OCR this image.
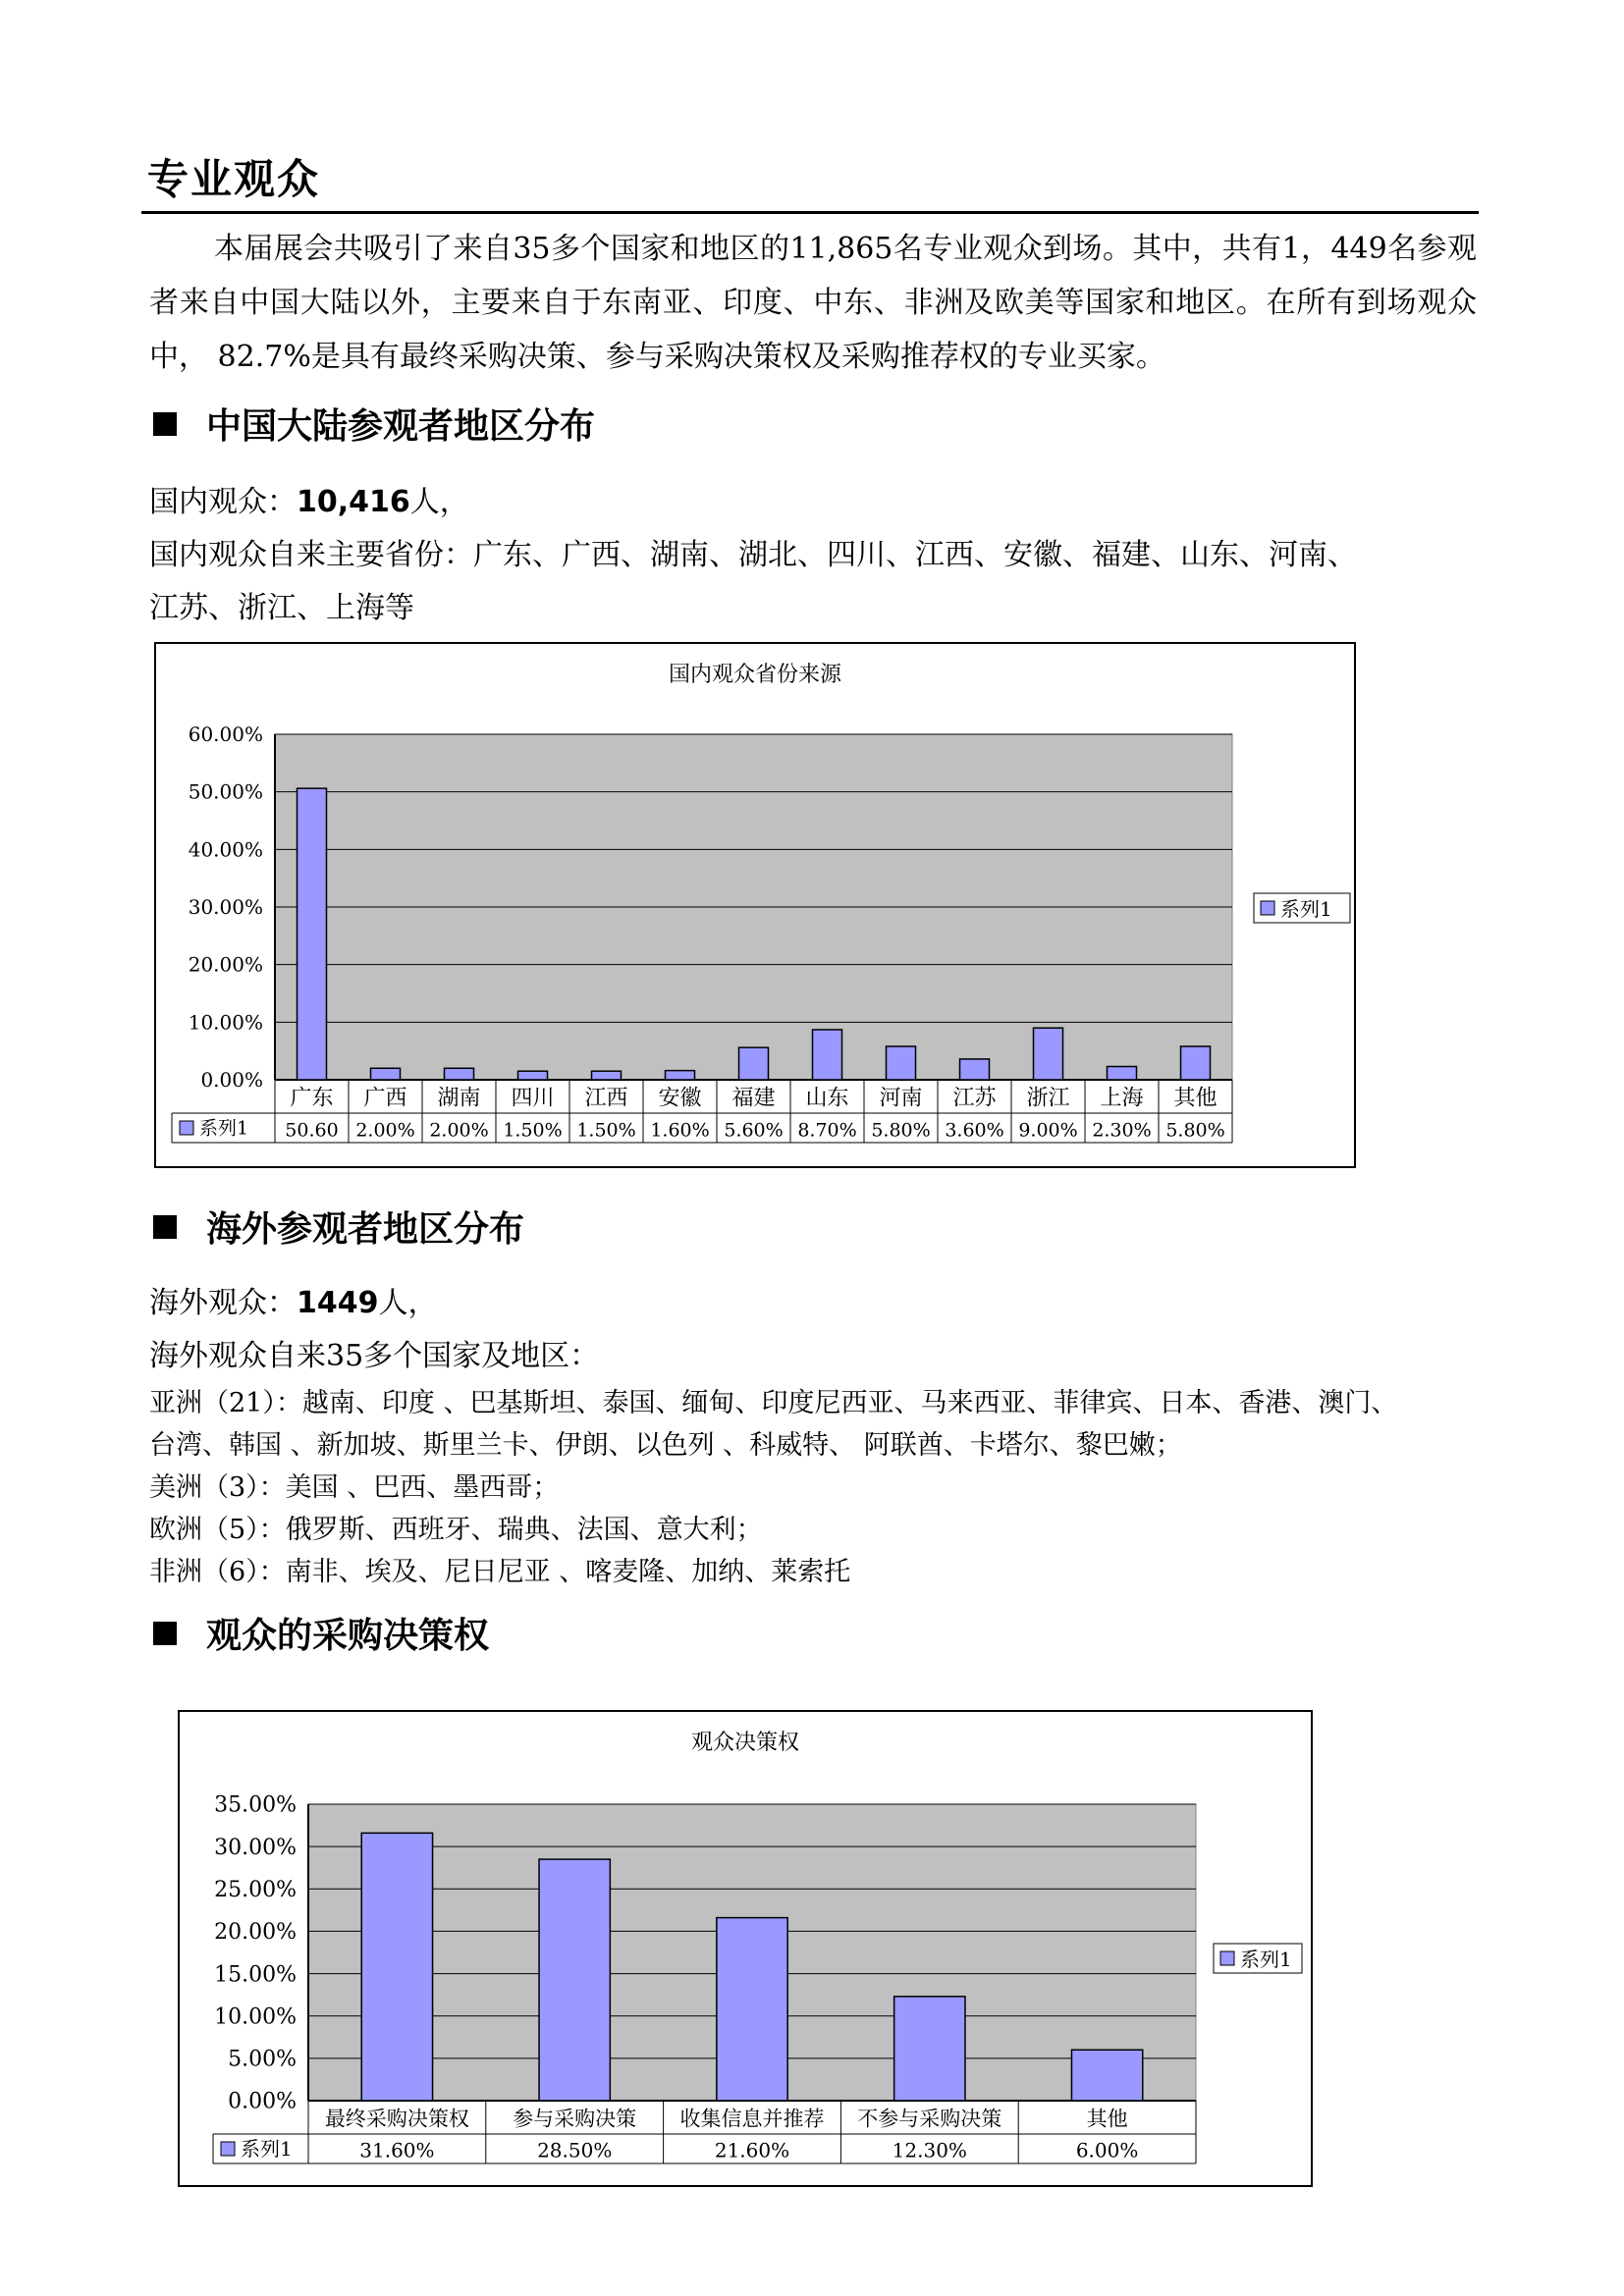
专业观众
本届展会共吸引了来自35多个国家和地区的11,865名专业观众到场。其中，共有1，449名参观者来自中国大陆以外，主要来自于东南亚、印度、中东、非洲及欧美等国家和地区。在所有到场观众中， 82.7%是具有最终采购决策、参与采购决策权及采购推荐权的专业买家。
中国大陆参观者地区分布
国内观众：10,416人，
国内观众自来主要省份：广东、广西、湖南、湖北、四川、江西、安徽、福建、山东、河南、
江苏、浙江、上海等
国内观众省份来源
0.00%
10.00%
20.00%
30.00%
40.00%
50.00%
60.00%
广东
50.60
广西
2.00%
湖南
2.00%
四川
1.50%
江西
1.50%
安徽
1.60%
福建
5.60%
山东
8.70%
河南
5.80%
江苏
3.60%
浙江
9.00%
上海
2.30%
其他
5.80%
系列1
系列1
海外参观者地区分布
海外观众：1449人，
海外观众自来35多个国家及地区：
亚洲（21）：越南、印度 、巴基斯坦、泰国、缅甸、印度尼西亚、马来西亚、菲律宾、日本、香港、澳门、
台湾、韩国 、新加坡、斯里兰卡、伊朗、以色列 、科威特、 阿联酋、卡塔尔、黎巴嫩；
美洲（3）：美国 、巴西、墨西哥；
欧洲（5）：俄罗斯、西班牙、瑞典、法国、意大利；
非洲（6）：南非、埃及、尼日尼亚 、喀麦隆、加纳、莱索托
观众的采购决策权
观众决策权
0.00%
5.00%
10.00%
15.00%
20.00%
25.00%
30.00%
35.00%
最终采购决策权
31.60%
参与采购决策
28.50%
收集信息并推荐
21.60%
不参与采购决策
12.30%
其他
6.00%
系列1
系列1
